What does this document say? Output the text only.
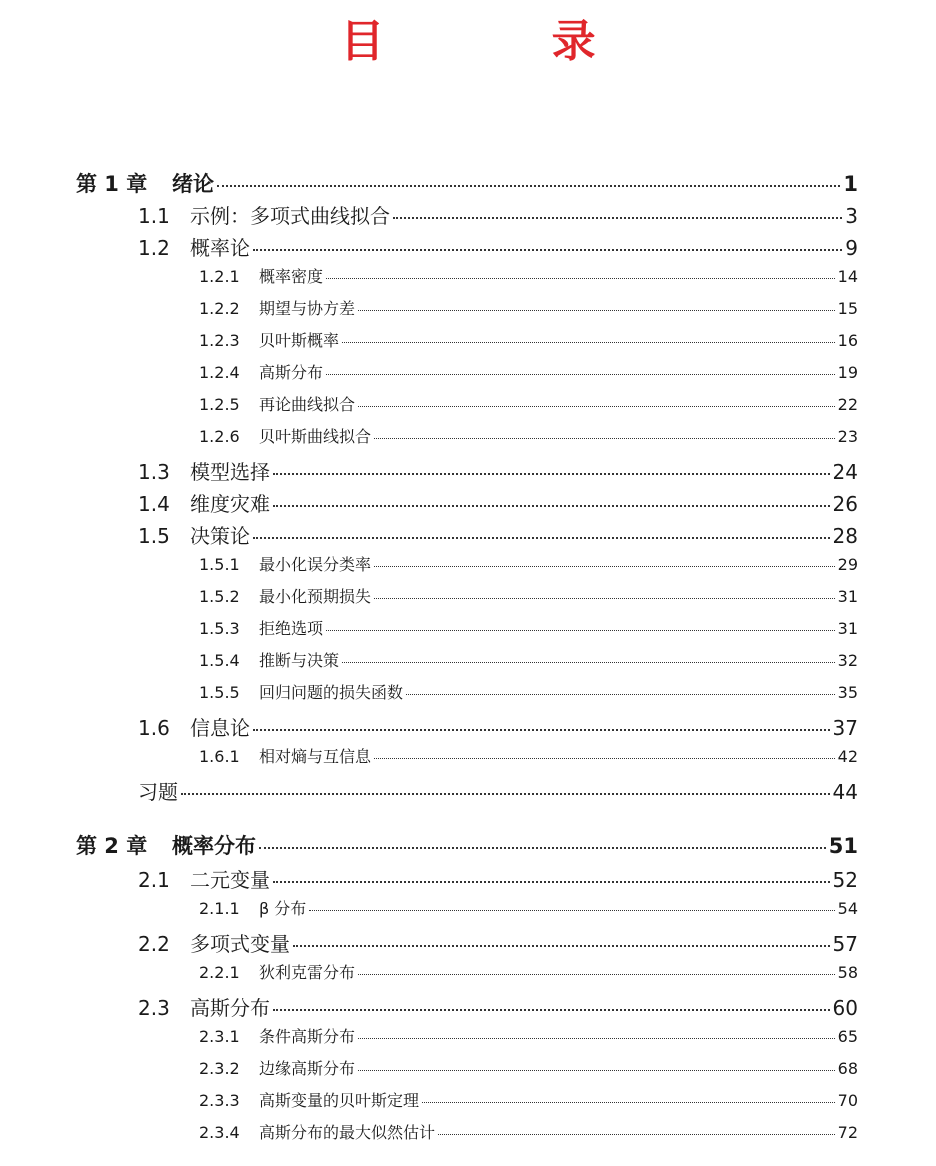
目 录
第 1 章	绪论	1
1.1	示例：多项式曲线拟合	3
1.2	概率论	9
1.2.1	概率密度	14
1.2.2	期望与协方差	15
1.2.3	贝叶斯概率	16
1.2.4	高斯分布	19
1.2.5	再论曲线拟合	22
1.2.6	贝叶斯曲线拟合	23
1.3	模型选择	24
1.4	维度灾难	26
1.5	决策论	28
1.5.1	最小化误分类率	29
1.5.2	最小化预期损失	31
1.5.3	拒绝选项	31
1.5.4	推断与决策	32
1.5.5	回归问题的损失函数	35
1.6	信息论	37
1.6.1	相对熵与互信息	42
习题	44
第 2 章	概率分布	51
2.1	二元变量	52
2.1.1	β 分布	54
2.2	多项式变量	57
2.2.1	狄利克雷分布	58
2.3	高斯分布	60
2.3.1	条件高斯分布	65
2.3.2	边缘高斯分布	68
2.3.3	高斯变量的贝叶斯定理	70
2.3.4	高斯分布的最大似然估计	72
